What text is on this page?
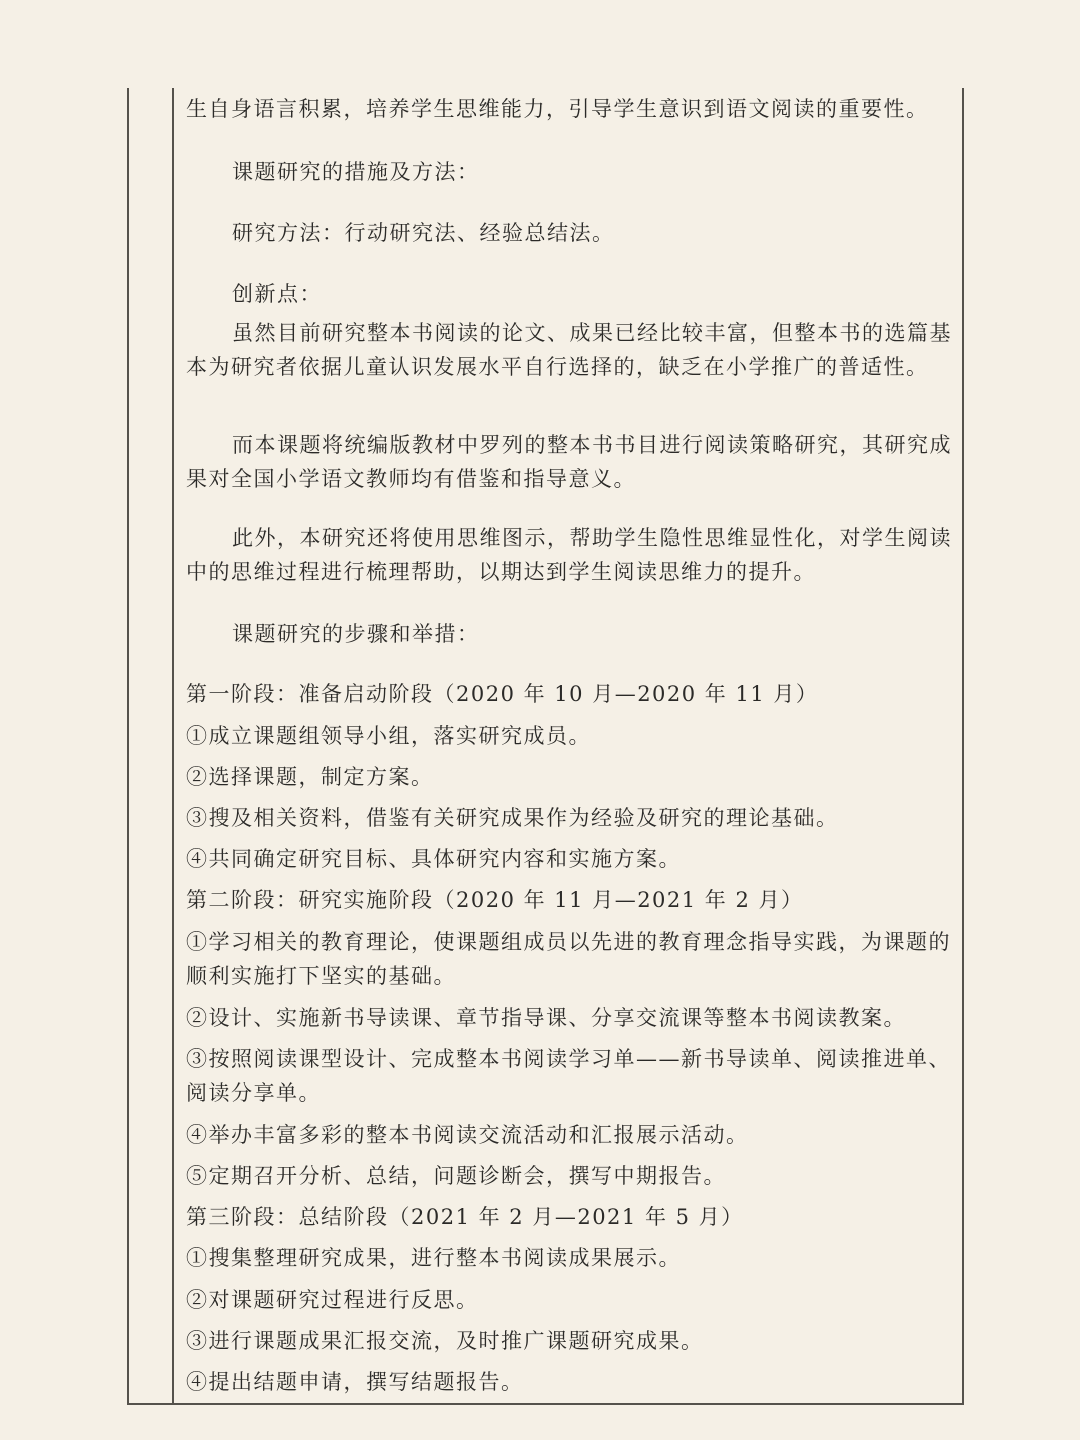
生自身语言积累，培养学生思维能力，引导学生意识到语文阅读的重要性。
课题研究的措施及方法：
研究方法：行动研究法、经验总结法。
创新点：
虽然目前研究整本书阅读的论文、成果已经比较丰富，但整本书的选篇基本为研究者依据儿童认识发展水平自行选择的，缺乏在小学推广的普适性。
而本课题将统编版教材中罗列的整本书书目进行阅读策略研究，其研究成果对全国小学语文教师均有借鉴和指导意义。
此外，本研究还将使用思维图示，帮助学生隐性思维显性化，对学生阅读中的思维过程进行梳理帮助，以期达到学生阅读思维力的提升。
课题研究的步骤和举措：
第一阶段：准备启动阶段（2020 年 10 月—2020 年 11 月）
①成立课题组领导小组，落实研究成员。
②选择课题，制定方案。
③搜及相关资料，借鉴有关研究成果作为经验及研究的理论基础。
④共同确定研究目标、具体研究内容和实施方案。
第二阶段：研究实施阶段（2020 年 11 月—2021 年 2 月）
①学习相关的教育理论，使课题组成员以先进的教育理念指导实践，为课题的顺利实施打下坚实的基础。
②设计、实施新书导读课、章节指导课、分享交流课等整本书阅读教案。
③按照阅读课型设计、完成整本书阅读学习单——新书导读单、阅读推进单、阅读分享单。
④举办丰富多彩的整本书阅读交流活动和汇报展示活动。
⑤定期召开分析、总结，问题诊断会，撰写中期报告。
第三阶段：总结阶段（2021 年 2 月—2021 年 5 月）
①搜集整理研究成果，进行整本书阅读成果展示。
②对课题研究过程进行反思。
③进行课题成果汇报交流，及时推广课题研究成果。
④提出结题申请，撰写结题报告。
